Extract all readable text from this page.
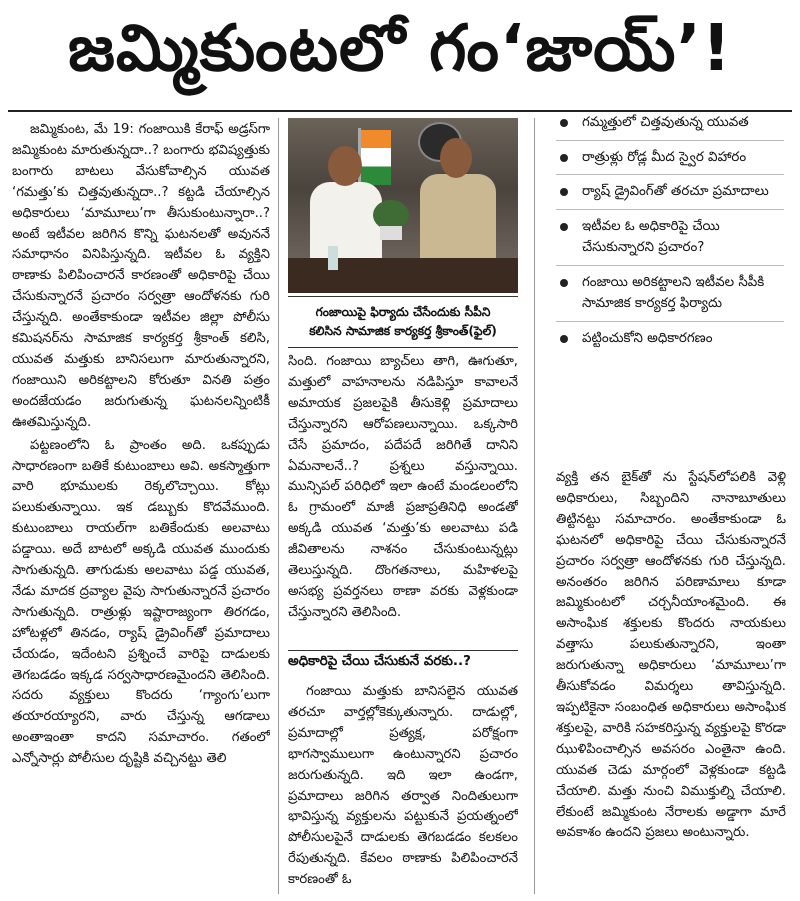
జమ్మికుంటలో గం‘జాయ్’!

జమ్మికుంట, మే 19: గంజాయికి కేరాఫ్ అడ్రస్‌గా జమ్మికుంట మారుతున్నదా..? బంగారు భవిష్యత్తుకు బంగారు బాటలు వేసుకోవాల్సిన యువత ‘గమత్తు’కు చిత్తవుతున్నదా..? కట్టడి చేయాల్సిన అధికారులు ‘మామూలు’గా తీసుకుంటున్నారా..? అంటే ఇటీవల జరిగిన కొన్ని ఘటనలతో అవుననే సమాధానం వినిపిస్తున్నది. ఇటీవల ఓ వ్యక్తిని ఠాణాకు పిలిపించారనే కారణంతో అధికారిపై చేయి చేసుకున్నారనే ప్రచారం సర్వత్రా ఆందోళనకు గురి చేస్తున్నది. అంతేకాకుండా ఇటీవల జిల్లా పోలీసు కమిషనర్‌ను సామాజిక కార్యకర్త శ్రీకాంత్ కలిసి, యువత మత్తుకు బానిసలుగా మారుతున్నారని, గంజాయిని అరికట్టాలని కోరుతూ వినతి పత్రం అందజేయడం జరుగుతున్న ఘటనలన్నింటికీ ఊతమిస్తున్నది.

పట్టణంలోని ఓ ప్రాంతం అది. ఒకప్పుడు సాధారణంగా బతికే కుటుంబాలు అవి. అకస్మాత్తుగా వారి భూములకు రెక్కలొచ్చాయి. కోట్లు పలుకుతున్నాయి. ఇక డబ్బుకు కొదవేముంది. కుటుంబాలు రాయల్‌గా బతికేందుకు అలవాటు పడ్డాయి. అదే బాటలో అక్కడి యువత ముందుకు సాగుతున్నది. తాగుడుకు అలవాటు పడ్డ యువత, నేడు మాదక ద్రవ్యాల వైపు సాగుతున్నారనే ప్రచారం సాగుతున్నది. రాత్రుళ్లు ఇష్టారాజ్యంగా తిరగడం, హోటళ్లలో తినడం, ర్యాష్ డ్రైవింగ్‌తో ప్రమాదాలు చేయడం, ఇదేంటని ప్రశ్నించే వారిపై దాడులకు తెగబడడం ఇక్కడ సర్వసాధారణమైందని తెలిసింది. సదరు వ్యక్తులు కొందరు ‘గ్యాంగు’లుగా తయారయ్యారని, వారు చేస్తున్న ఆగడాలు అంతాఇంతా కాదని సమాచారం. గతంలో ఎన్నోసార్లు పోలీసుల దృష్టికి వచ్చినట్టు తెలి

గంజాయిపై ఫిర్యాదు చేసేందుకు సీపీని
కలిసిన సామాజిక కార్యకర్త శ్రీకాంత్(ఫైల్)

సింది. గంజాయి బ్యాచ్‌లు తాగి, ఊగుతూ, మత్తులో వాహనాలను నడిపిస్తూ కావాలనే అమాయక ప్రజలపైకి తీసుకెళ్లి ప్రమాదాలు చేస్తున్నారని ఆరోపణలున్నాయి. ఒక్కసారి చేసే ప్రమాదం, పదేపదే జరిగితే దానిని ఏమనాలనే..? ప్రశ్నలు వస్తున్నాయి. మున్సిపల్ పరిధిలో ఇలా ఉంటే మండలంలోని ఓ గ్రామంలో మాజీ ప్రజాప్రతినిధి అండతో అక్కడి యువత ‘మత్తు’కు అలవాటు పడి జీవితాలను నాశనం చేసుకుంటున్నట్లు తెలుస్తున్నది. దొంగతనాలు, మహిళలపై అసభ్య ప్రవర్తనలు ఠాణా వరకు వెళ్లకుండా చేస్తున్నారని తెలిసింది.

అధికారిపై చేయి చేసుకునే వరకు..?

గంజాయి మత్తుకు బానిసలైన యువత తరచూ వార్తల్లోకెక్కుతున్నారు. దాడుల్లో, ప్రమాదాల్లో ప్రత్యక్ష, పరోక్షంగా భాగస్వాములుగా ఉంటున్నారని ప్రచారం జరుగుతున్నది. ఇది ఇలా ఉండగా, ప్రమాదాలు జరిగిన తర్వాత నిందితులుగా భావిస్తున్న వ్యక్తులను పట్టుకునే ప్రయత్నంలో పోలీసులపైనే దాడులకు తెగబడడం కలకలం రేపుతున్నది. కేవలం ఠాణాకు పిలిపించారనే కారణంతో ఓ

గమ్మత్తులో చిత్తవుతున్న యువత
రాత్రుళ్లు రోడ్ల మీద స్వైర విహారం
ర్యాష్ డ్రైవింగ్‌తో తరచూ ప్రమాదాలు
ఇటీవల ఓ అధికారిపై చేయి చేసుకున్నారని ప్రచారం?
గంజాయి అరికట్టాలని ఇటీవల సీపీకి సామాజిక కార్యకర్త ఫిర్యాదు
పట్టించుకోని అధికారగణం

వ్యక్తి తన బైక్‌తో ను స్టేషన్‌లోపలికి వెళ్లి అధికారులు, సిబ్బందిని నానాబూతులు తిట్టినట్టు సమాచారం. అంతేకాకుండా ఓ ఘటనలో అధికారిపై చేయి చేసుకున్నారనే ప్రచారం సర్వత్రా ఆందోళనకు గురి చేస్తున్నది. అనంతరం జరిగిన పరిణామాలు కూడా జమ్మికుంటలో చర్చనీయాంశమైంది. ఈ అసాంఘిక శక్తులకు కొందరు నాయకులు వత్తాసు పలుకుతున్నారని, ఇంతా జరుగుతున్నా అధికారులు ‘మామూలు’గా తీసుకోవడం విమర్శలు తావిస్తున్నది. ఇప్పటికైనా సంబంధిత అధికారులు అసాంఘిక శక్తులపై, వారికి సహకరిస్తున్న వ్యక్తులపై కొరడా ఝుళిపించాల్సిన అవసరం ఎంతైనా ఉంది. యువత చెడు మార్గంలో వెళ్లకుండా కట్టడి చేయాలి. మత్తు నుంచి విముక్తుల్ని చేయాలి. లేకుంటే జమ్మికుంట నేరాలకు అడ్డాగా మారే అవకాశం ఉందని ప్రజలు అంటున్నారు.
